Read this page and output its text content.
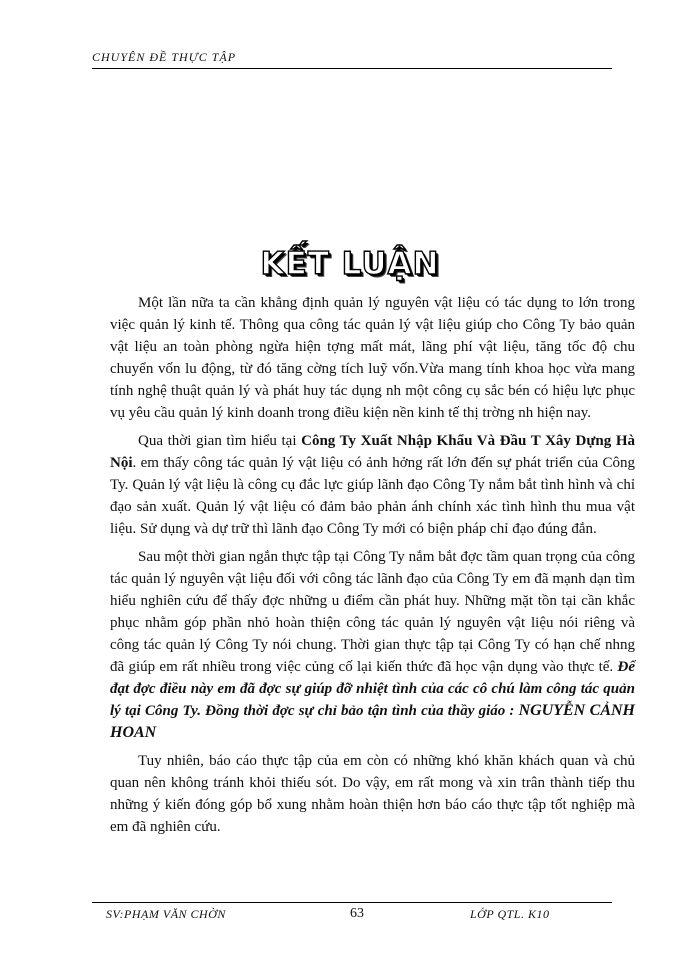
CHUYÊN ĐỀ THỰC TẬP
KẾT LUẬN

Một lần nữa ta cần khẳng định quản lý nguyên vật liệu có tác dụng to lớn trong việc quản lý kinh tế. Thông qua công tác quản lý vật liệu giúp cho Công Ty bảo quản vật liệu an toàn phòng ngừa hiện tợng mất mát, lãng phí vật liệu, tăng tốc độ chu chuyển vốn lu động, từ đó tăng cờng tích luỹ vốn.Vừa mang tính khoa học vừa mang tính nghệ thuật quản lý và phát huy tác dụng nh một công cụ sắc bén có hiệu lực phục vụ yêu cầu quản lý kinh doanh trong điều kiện nền kinh tế thị trờng nh hiện nay.

Qua thời gian tìm hiểu tại Công Ty Xuất Nhập Khẩu Và Đầu T Xây Dựng Hà Nội. em thấy công tác quản lý vật liệu có ảnh hởng rất lớn đến sự phát triển của Công Ty. Quản lý vật liệu là công cụ đắc lực giúp lãnh đạo Công Ty nắm bắt tình hình và chỉ đạo sản xuất. Quản lý vật liệu có đảm bảo phản ánh chính xác tình hình thu mua vật liệu. Sử dụng và dự trữ thì lãnh đạo Công Ty mới có biện pháp chỉ đạo đúng đắn.

Sau một thời gian ngắn thực tập tại Công Ty nắm bắt đợc tầm quan trọng của công tác quản lý nguyên vật liệu đối với công tác lãnh đạo của Công Ty em đã mạnh dạn tìm hiểu nghiên cứu để thấy đợc những u điểm cần phát huy. Những mặt tồn tại cần khắc phục nhằm góp phần nhỏ hoàn thiện công tác quản lý nguyên vật liệu nói riêng và công tác quản lý Công Ty nói chung. Thời gian thực tập tại Công Ty có hạn chế nhng đã giúp em rất nhiều trong việc củng cố lại kiến thức đã học vận dụng vào thực tế. Để đạt đợc điều này em đã đợc sự giúp đỡ nhiệt tình của các cô chú làm công tác quản lý tại Công Ty. Đồng thời đợc sự chỉ bảo tận tình của thầy giáo : NGUYỄN CẢNH HOAN

Tuy nhiên, báo cáo thực tập của em còn có những khó khăn khách quan và chủ quan nên không tránh khỏi thiếu sót. Do vậy, em rất mong và xin trân thành tiếp thu những ý kiến đóng góp bổ xung nhằm hoàn thiện hơn báo cáo thực tập tốt nghiệp mà em đã nghiên cứu.

SV:PHẠM VĂN CHỜN	63	LỚP QTL. K10
